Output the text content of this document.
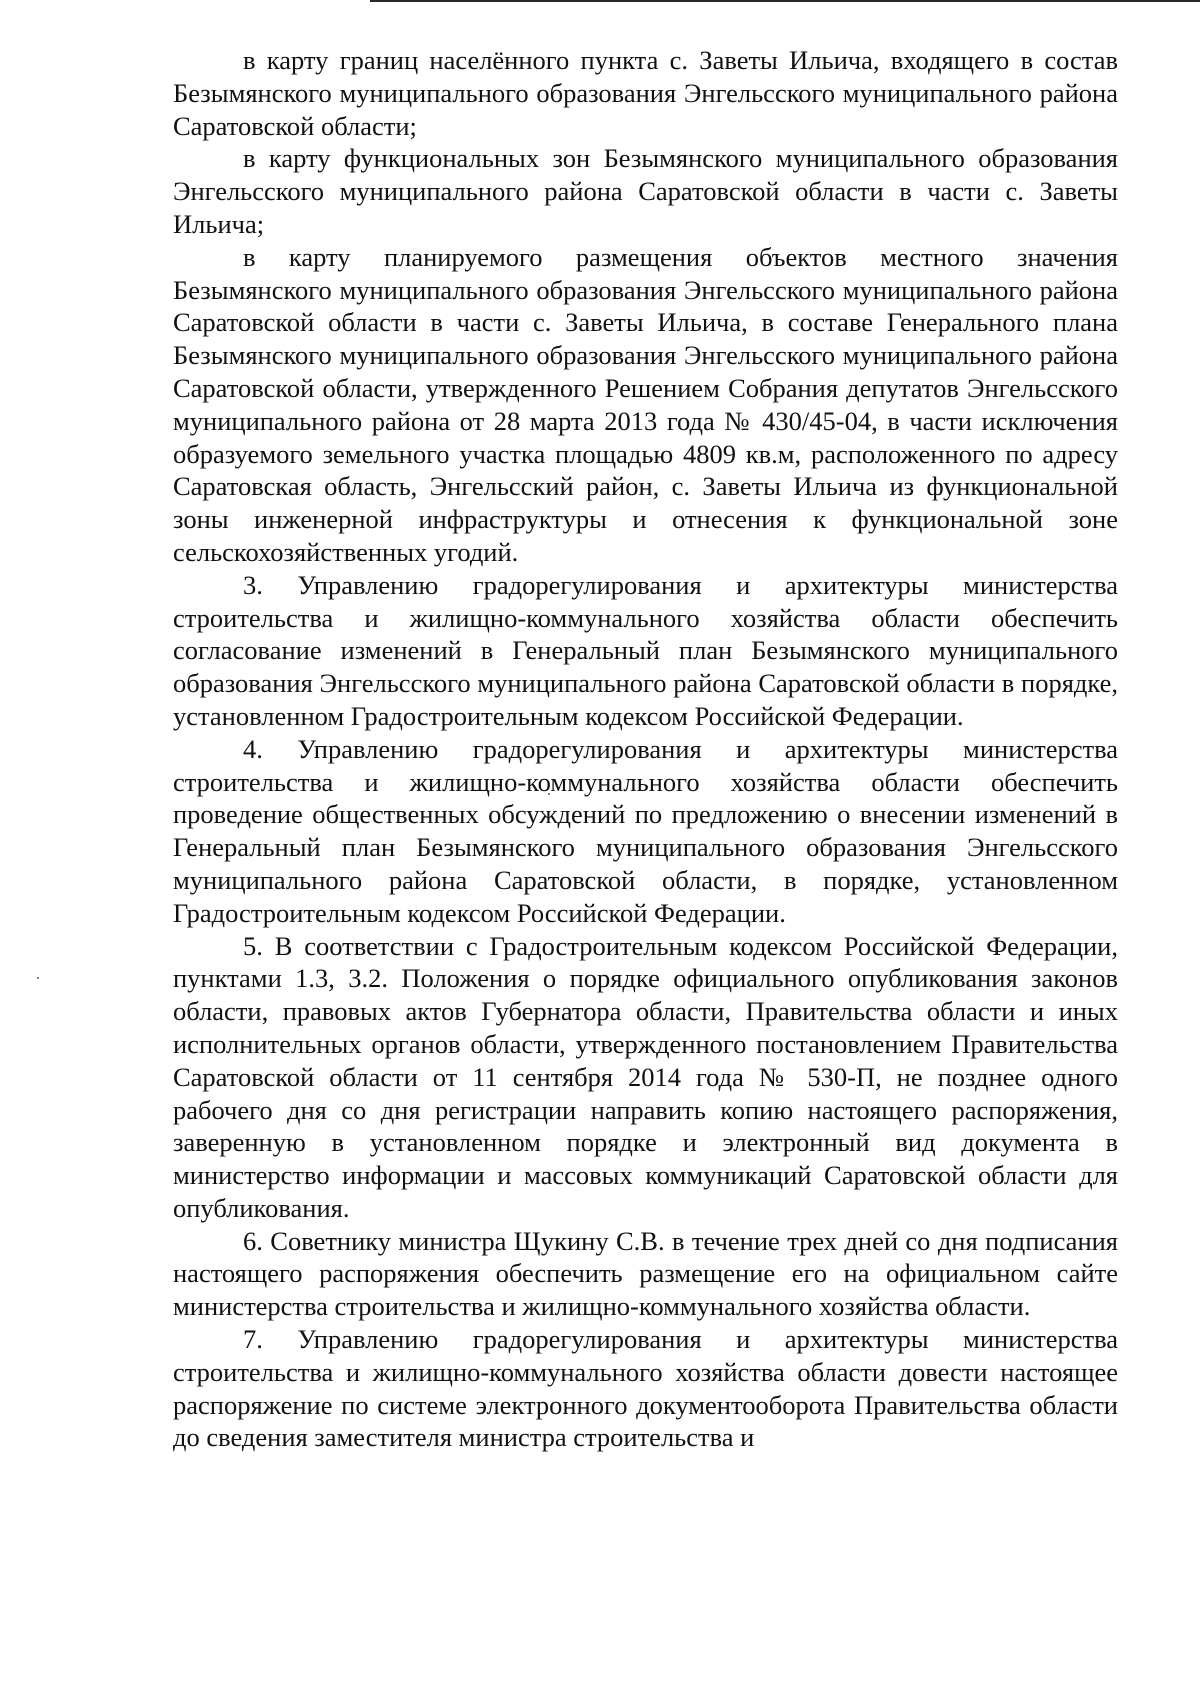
в карту границ населённого пункта с. Заветы Ильича, входящего в состав Безымянского муниципального образования Энгельсского муниципального района Саратовской области;

в карту функциональных зон Безымянского муниципального образования Энгельсского муниципального района Саратовской области в части с. Заветы Ильича;

в карту планируемого размещения объектов местного значения Безымянского муниципального образования Энгельсского муниципального района Саратовской области в части с. Заветы Ильича, в составе Генерального плана Безымянского муниципального образования Энгельсского муниципального района Саратовской области, утвержденного Решением Собрания депутатов Энгельсского муниципального района от 28 марта 2013 года № 430/45-04, в части исключения образуемого земельного участка площадью 4809 кв.м, расположенного по адресу Саратовская область, Энгельсский район, с. Заветы Ильича из функциональной зоны инженерной инфраструктуры и отнесения к функциональной зоне сельскохозяйственных угодий.

3. Управлению градорегулирования и архитектуры министерства строительства и жилищно-коммунального хозяйства области обеспечить согласование изменений в Генеральный план Безымянского муниципального образования Энгельсского муниципального района Саратовской области в порядке, установленном Градостроительным кодексом Российской Федерации.

4. Управлению градорегулирования и архитектуры министерства строительства и жилищно-коммунального хозяйства области обеспечить проведение общественных обсуждений по предложению о внесении изменений в Генеральный план Безымянского муниципального образования Энгельсского муниципального района Саратовской области, в порядке, установленном Градостроительным кодексом Российской Федерации.

5. В соответствии с Градостроительным кодексом Российской Федерации, пунктами 1.3, 3.2. Положения о порядке официального опубликования законов области, правовых актов Губернатора области, Правительства области и иных исполнительных органов области, утвержденного постановлением Правительства Саратовской области от 11 сентября 2014 года № 530-П, не позднее одного рабочего дня со дня регистрации направить копию настоящего распоряжения, заверенную в установленном порядке и электронный вид документа в министерство информации и массовых коммуникаций Саратовской области для опубликования.

6. Советнику министра Щукину С.В. в течение трех дней со дня подписания настоящего распоряжения обеспечить размещение его на официальном сайте министерства строительства и жилищно-коммунального хозяйства области.

7. Управлению градорегулирования и архитектуры министерства строительства и жилищно-коммунального хозяйства области довести настоящее распоряжение по системе электронного документооборота Правительства области до сведения заместителя министра строительства и
